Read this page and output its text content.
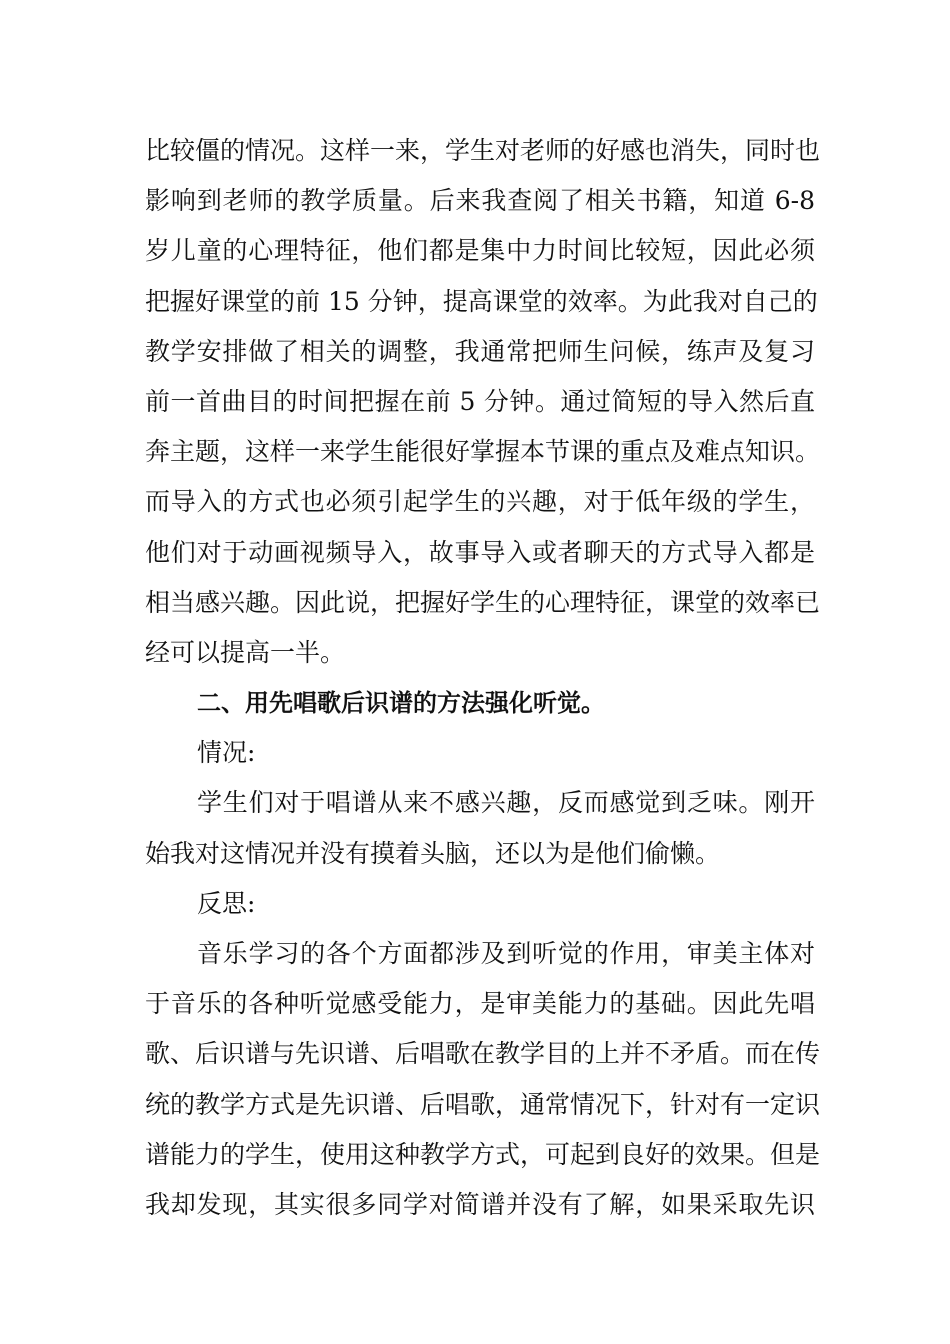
比较僵的情况。这样一来，学生对老师的好感也消失，同时也
影响到老师的教学质量。后来我查阅了相关书籍，知道 6-8
岁儿童的心理特征，他们都是集中力时间比较短，因此必须
把握好课堂的前 15 分钟，提高课堂的效率。为此我对自己的
教学安排做了相关的调整，我通常把师生问候，练声及复习
前一首曲目的时间把握在前 5 分钟。通过简短的导入然后直
奔主题，这样一来学生能很好掌握本节课的重点及难点知识。
而导入的方式也必须引起学生的兴趣，对于低年级的学生，
他们对于动画视频导入，故事导入或者聊天的方式导入都是
相当感兴趣。因此说，把握好学生的心理特征，课堂的效率已
经可以提高一半。
二、用先唱歌后识谱的方法强化听觉。
情况:
学生们对于唱谱从来不感兴趣，反而感觉到乏味。刚开
始我对这情况并没有摸着头脑，还以为是他们偷懒。
反思:
音乐学习的各个方面都涉及到听觉的作用，审美主体对
于音乐的各种听觉感受能力，是审美能力的基础。因此先唱
歌、后识谱与先识谱、后唱歌在教学目的上并不矛盾。而在传
统的教学方式是先识谱、后唱歌，通常情况下，针对有一定识
谱能力的学生，使用这种教学方式，可起到良好的效果。但是
我却发现，其实很多同学对简谱并没有了解，如果采取先识
